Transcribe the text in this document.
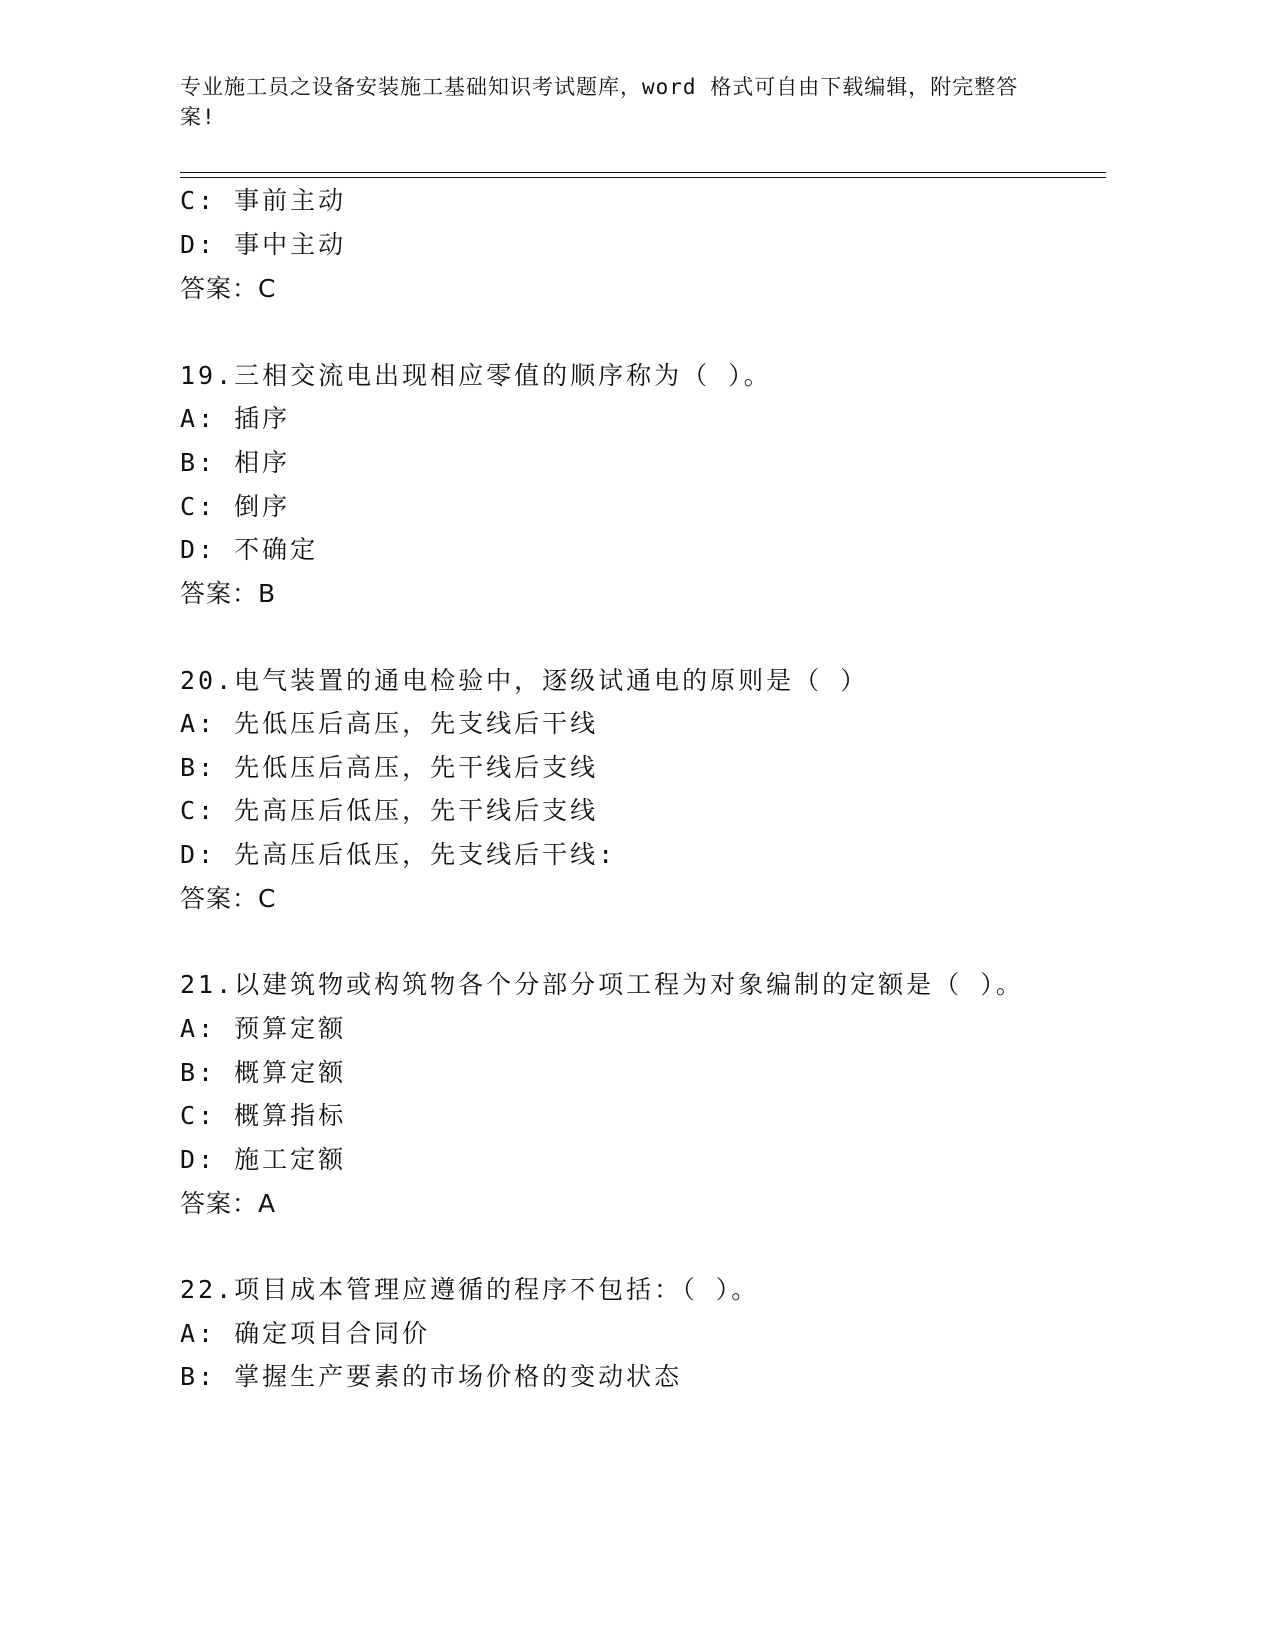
专业施工员之设备安装施工基础知识考试题库，word 格式可自由下载编辑，附完整答案!
C: 事前主动
D: 事中主动
答案：C
19.三相交流电出现相应零值的顺序称为（ ）。
A: 插序
B: 相序
C: 倒序
D: 不确定
答案：B
20.电气装置的通电检验中，逐级试通电的原则是（ ）
A: 先低压后高压，先支线后干线
B: 先低压后高压，先干线后支线
C: 先高压后低压，先干线后支线
D: 先高压后低压，先支线后干线:
答案：C
21.以建筑物或构筑物各个分部分项工程为对象编制的定额是（ ）。
A: 预算定额
B: 概算定额
C: 概算指标
D: 施工定额
答案：A
22.项目成本管理应遵循的程序不包括：（ ）。
A: 确定项目合同价
B: 掌握生产要素的市场价格的变动状态
